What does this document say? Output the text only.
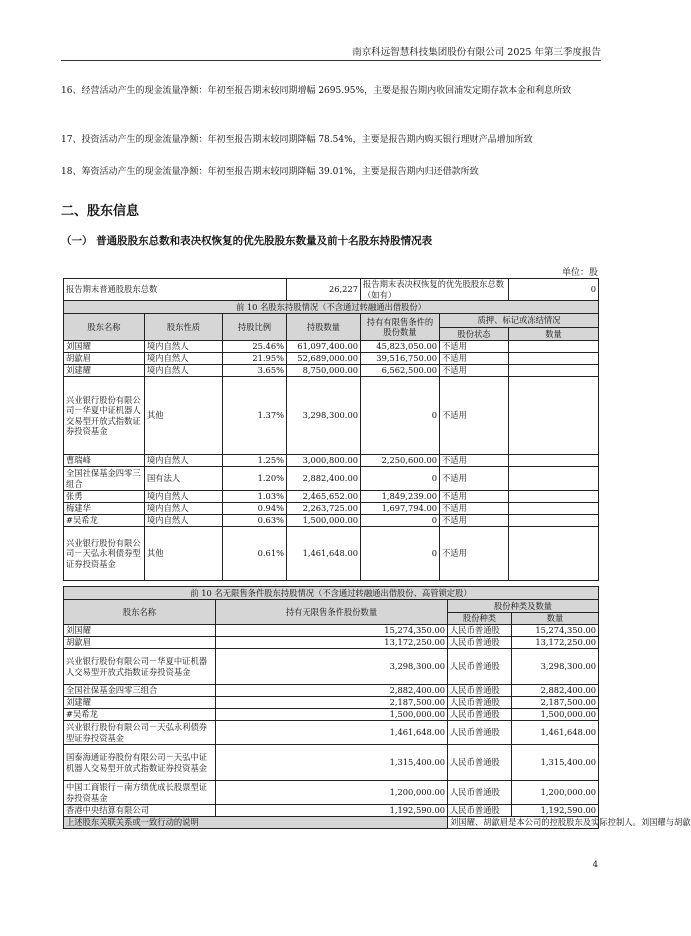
南京科远智慧科技集团股份有限公司 2025 年第三季度报告
16、经营活动产生的现金流量净额：年初至报告期末较同期增幅 2695.95%，主要是报告期内收回浦发定期存款本金和利息所致
17、投资活动产生的现金流量净额：年初至报告期末较同期降幅 78.54%，主要是报告期内购买银行理财产品增加所致
18、筹资活动产生的现金流量净额：年初至报告期末较同期降幅 39.01%，主要是报告期内归还借款所致
二、股东信息
（一） 普通股股东总数和表决权恢复的优先股股东数量及前十名股东持股情况表
单位：股
报告期末普通股股东总数			26,227	报告期末表决权恢复的优先股股东总数（如有）		0
前 10 名股东持股情况（不含通过转融通出借股份）						
股东名称	股东性质	持股比例	持股数量	持有有限售条件的股份数量	质押、标记或冻结情况	
					股份状态	数量
刘国耀	境内自然人	25.46%	61,097,400.00	45,823,050.00	不适用	
胡歙眉	境内自然人	21.95%	52,689,000.00	39,516,750.00	不适用	
刘建耀	境内自然人	3.65%	8,750,000.00	6,562,500.00	不适用	
兴业银行股份有限公司－华夏中证机器人交易型开放式指数证券投资基金	其他	1.37%	3,298,300.00	0	不适用	
曹瑞峰	境内自然人	1.25%	3,000,800.00	2,250,600.00	不适用	
全国社保基金四零三组合	国有法人	1.20%	2,882,400.00	0	不适用	
张勇	境内自然人	1.03%	2,465,652.00	1,849,239.00	不适用	
梅建华	境内自然人	0.94%	2,263,725.00	1,697,794.00	不适用	
#吴希龙	境内自然人	0.63%	1,500,000.00	0	不适用	
兴业银行股份有限公司－天弘永利债券型证券投资基金	其他	0.61%	1,461,648.00	0	不适用	
前 10 名无限售条件股东持股情况（不含通过转融通出借股份、高管锁定股）			
股东名称	持有无限售条件股份数量	股份种类及数量	
		股份种类	数量
刘国耀	15,274,350.00	人民币普通股	15,274,350.00
胡歙眉	13,172,250.00	人民币普通股	13,172,250.00
兴业银行股份有限公司－华夏中证机器人交易型开放式指数证券投资基金	3,298,300.00	人民币普通股	3,298,300.00
全国社保基金四零三组合	2,882,400.00	人民币普通股	2,882,400.00
刘建耀	2,187,500.00	人民币普通股	2,187,500.00
#吴希龙	1,500,000.00	人民币普通股	1,500,000.00
兴业银行股份有限公司－天弘永利债券型证券投资基金	1,461,648.00	人民币普通股	1,461,648.00
国泰海通证券股份有限公司－天弘中证机器人交易型开放式指数证券投资基金	1,315,400.00	人民币普通股	1,315,400.00
中国工商银行－南方绩优成长股票型证券投资基金	1,200,000.00	人民币普通股	1,200,000.00
香港中央结算有限公司	1,192,590.00	人民币普通股	1,192,590.00
上述股东关联关系或一致行动的说明		刘国耀、胡歙眉是本公司的控股股东及实际控制人。刘国耀与胡歙	
4
